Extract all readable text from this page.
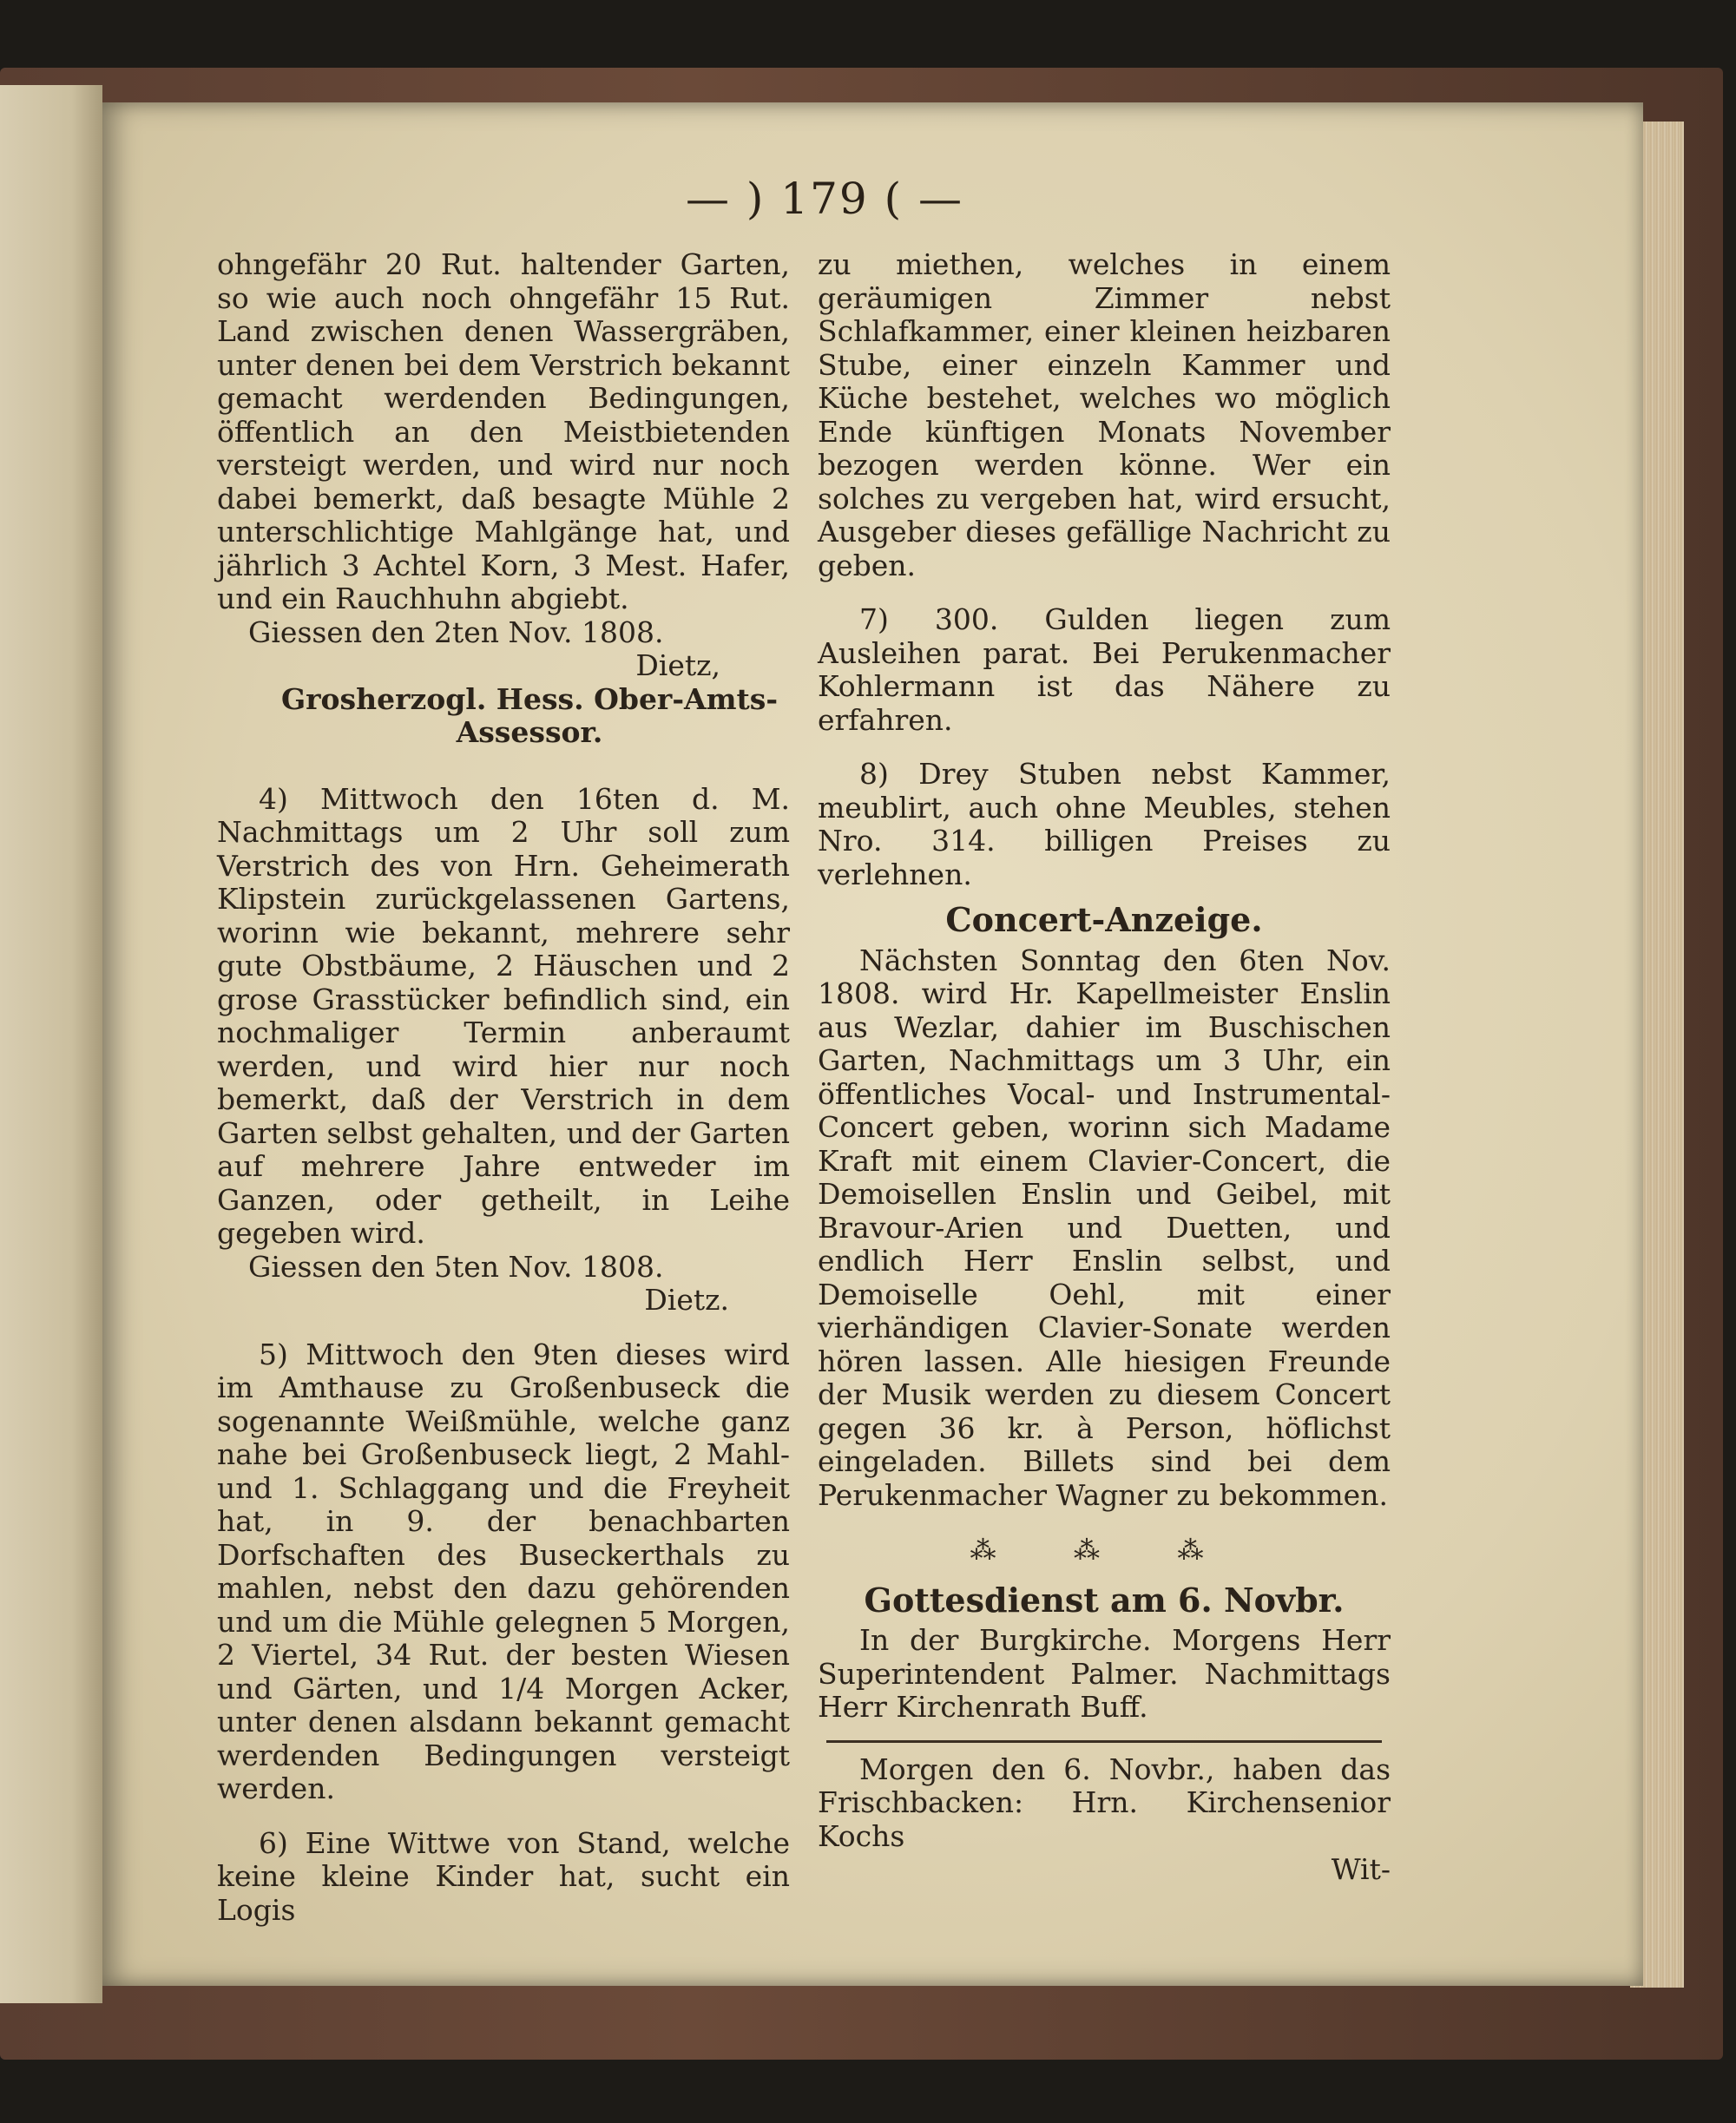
— ) 179 ( —

ohngefähr 20 Rut. haltender Garten, so wie auch noch ohngefähr 15 Rut. Land zwischen denen Wassergräben, unter denen bei dem Verstrich bekannt gemacht werdenden Bedingungen, öffentlich an den Meistbietenden versteigt werden, und wird nur noch dabei bemerkt, daß besagte Mühle 2 unterschlichtige Mahlgänge hat, und jährlich 3 Achtel Korn, 3 Mest. Hafer, und ein Rauchhuhn abgiebt.

Giessen den 2ten Nov. 1808.

Dietz,

Grosherzogl. Hess. Ober-Amts-Assessor.

4) Mittwoch den 16ten d. M. Nachmittags um 2 Uhr soll zum Verstrich des von Hrn. Geheimerath Klipstein zurückgelassenen Gartens, worinn wie bekannt, mehrere sehr gute Obstbäume, 2 Häuschen und 2 grose Grasstücker befindlich sind, ein nochmaliger Termin anberaumt werden, und wird hier nur noch bemerkt, daß der Verstrich in dem Garten selbst gehalten, und der Garten auf mehrere Jahre entweder im Ganzen, oder getheilt, in Leihe gegeben wird.

Giessen den 5ten Nov. 1808.

Dietz.

5) Mittwoch den 9ten dieses wird im Amthause zu Großenbuseck die sogenannte Weißmühle, welche ganz nahe bei Großenbuseck liegt, 2 Mahl- und 1. Schlaggang und die Freyheit hat, in 9. der benachbarten Dorfschaften des Buseckerthals zu mahlen, nebst den dazu gehörenden und um die Mühle gelegnen 5 Morgen, 2 Viertel, 34 Rut. der besten Wiesen und Gärten, und 1/4 Morgen Acker, unter denen alsdann bekannt gemacht werdenden Bedingungen versteigt werden.

6) Eine Wittwe von Stand, welche keine kleine Kinder hat, sucht ein Logis

zu miethen, welches in einem geräumigen Zimmer nebst Schlafkammer, einer kleinen heizbaren Stube, einer einzeln Kammer und Küche bestehet, welches wo möglich Ende künftigen Monats November bezogen werden könne. Wer ein solches zu vergeben hat, wird ersucht, Ausgeber dieses gefällige Nachricht zu geben.

7) 300. Gulden liegen zum Ausleihen parat. Bei Perukenmacher Kohlermann ist das Nähere zu erfahren.

8) Drey Stuben nebst Kammer, meublirt, auch ohne Meubles, stehen Nro. 314. billigen Preises zu verlehnen.

Concert-Anzeige.

Nächsten Sonntag den 6ten Nov. 1808. wird Hr. Kapellmeister Enslin aus Wezlar, dahier im Buschischen Garten, Nachmittags um 3 Uhr, ein öffentliches Vocal- und Instrumental-Concert geben, worinn sich Madame Kraft mit einem Clavier-Concert, die Demoisellen Enslin und Geibel, mit Bravour-Arien und Duetten, und endlich Herr Enslin selbst, und Demoiselle Oehl, mit einer vierhändigen Clavier-Sonate werden hören lassen. Alle hiesigen Freunde der Musik werden zu diesem Concert gegen 36 kr. à Person, höflichst eingeladen. Billets sind bei dem Perukenmacher Wagner zu bekommen.

⁂ ⁂ ⁂

Gottesdienst am 6. Novbr.

In der Burgkirche. Morgens Herr Superintendent Palmer. Nachmittags Herr Kirchenrath Buff.

Morgen den 6. Novbr., haben das Frischbacken: Hrn. Kirchensenior Kochs

Wit-
